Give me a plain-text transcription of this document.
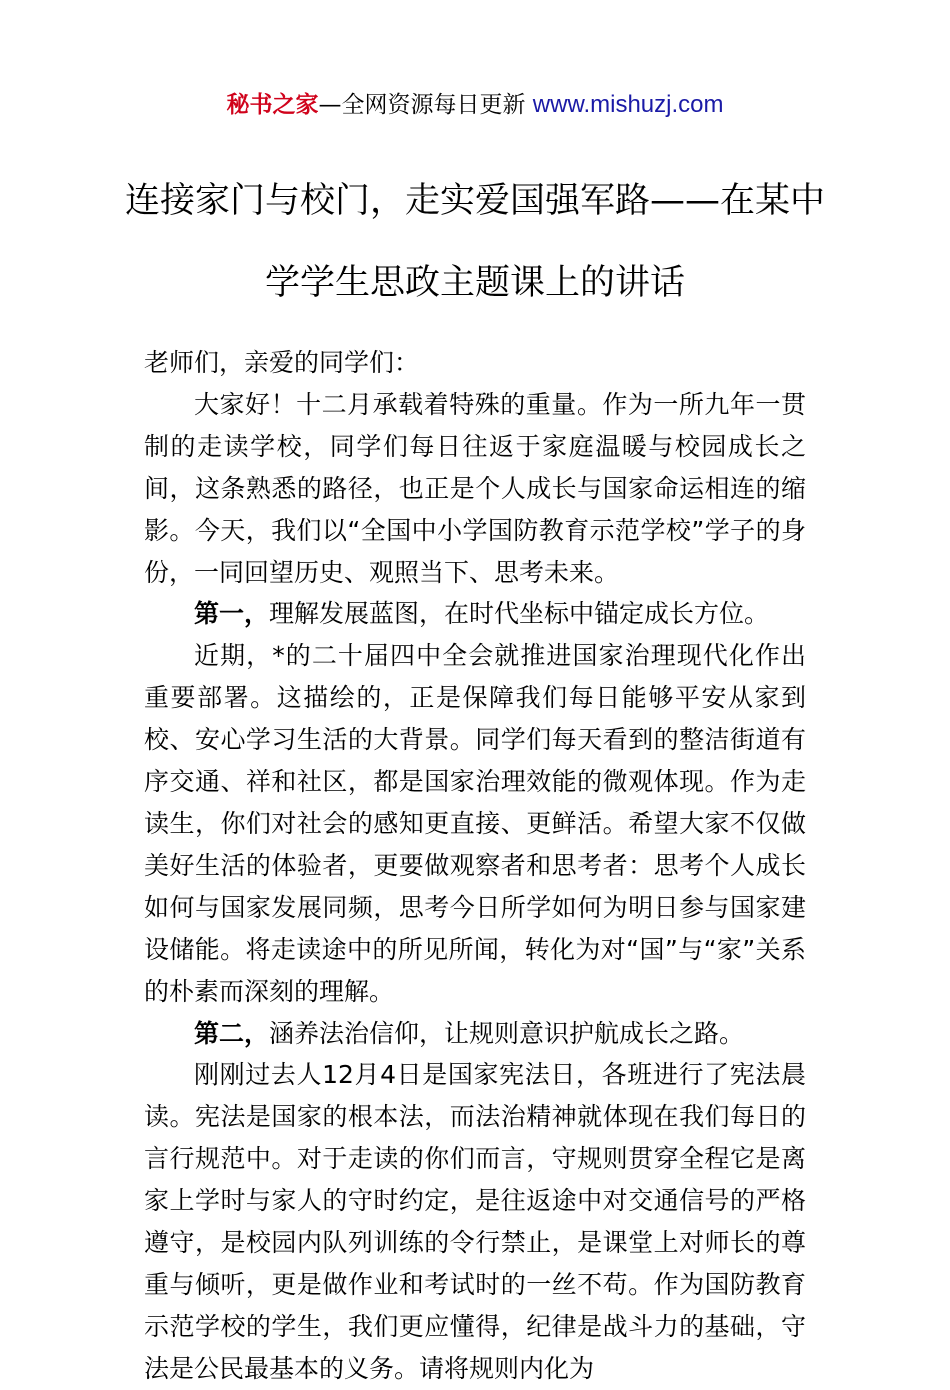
秘书之家—全网资源每日更新 www.mishuzj.com
连接家门与校门，走实爱国强军路——在某中学学生思政主题课上的讲话

老师们，亲爱的同学们：

大家好！十二月承载着特殊的重量。作为一所九年一贯制的走读学校，同学们每日往返于家庭温暖与校园成长之间，这条熟悉的路径，也正是个人成长与国家命运相连的缩影。今天，我们以“全国中小学国防教育示范学校”学子的身份，一同回望历史、观照当下、思考未来。

第一，理解发展蓝图，在时代坐标中锚定成长方位。

近期，*的二十届四中全会就推进国家治理现代化作出重要部署。这描绘的，正是保障我们每日能够平安从家到校、安心学习生活的大背景。同学们每天看到的整洁街道有序交通、祥和社区，都是国家治理效能的微观体现。作为走读生，你们对社会的感知更直接、更鲜活。希望大家不仅做美好生活的体验者，更要做观察者和思考者：思考个人成长如何与国家发展同频，思考今日所学如何为明日参与国家建设储能。将走读途中的所见所闻，转化为对“国”与“家”关系的朴素而深刻的理解。

第二，涵养法治信仰，让规则意识护航成长之路。

刚刚过去人12月4日是国家宪法日，各班进行了宪法晨读。宪法是国家的根本法，而法治精神就体现在我们每日的言行规范中。对于走读的你们而言，守规则贯穿全程它是离家上学时与家人的守时约定，是往返途中对交通信号的严格遵守，是校园内队列训练的令行禁止，是课堂上对师长的尊重与倾听，更是做作业和考试时的一丝不苟。作为国防教育示范学校的学生，我们更应懂得，纪律是战斗力的基础，守法是公民最基本的义务。请将规则内化为
